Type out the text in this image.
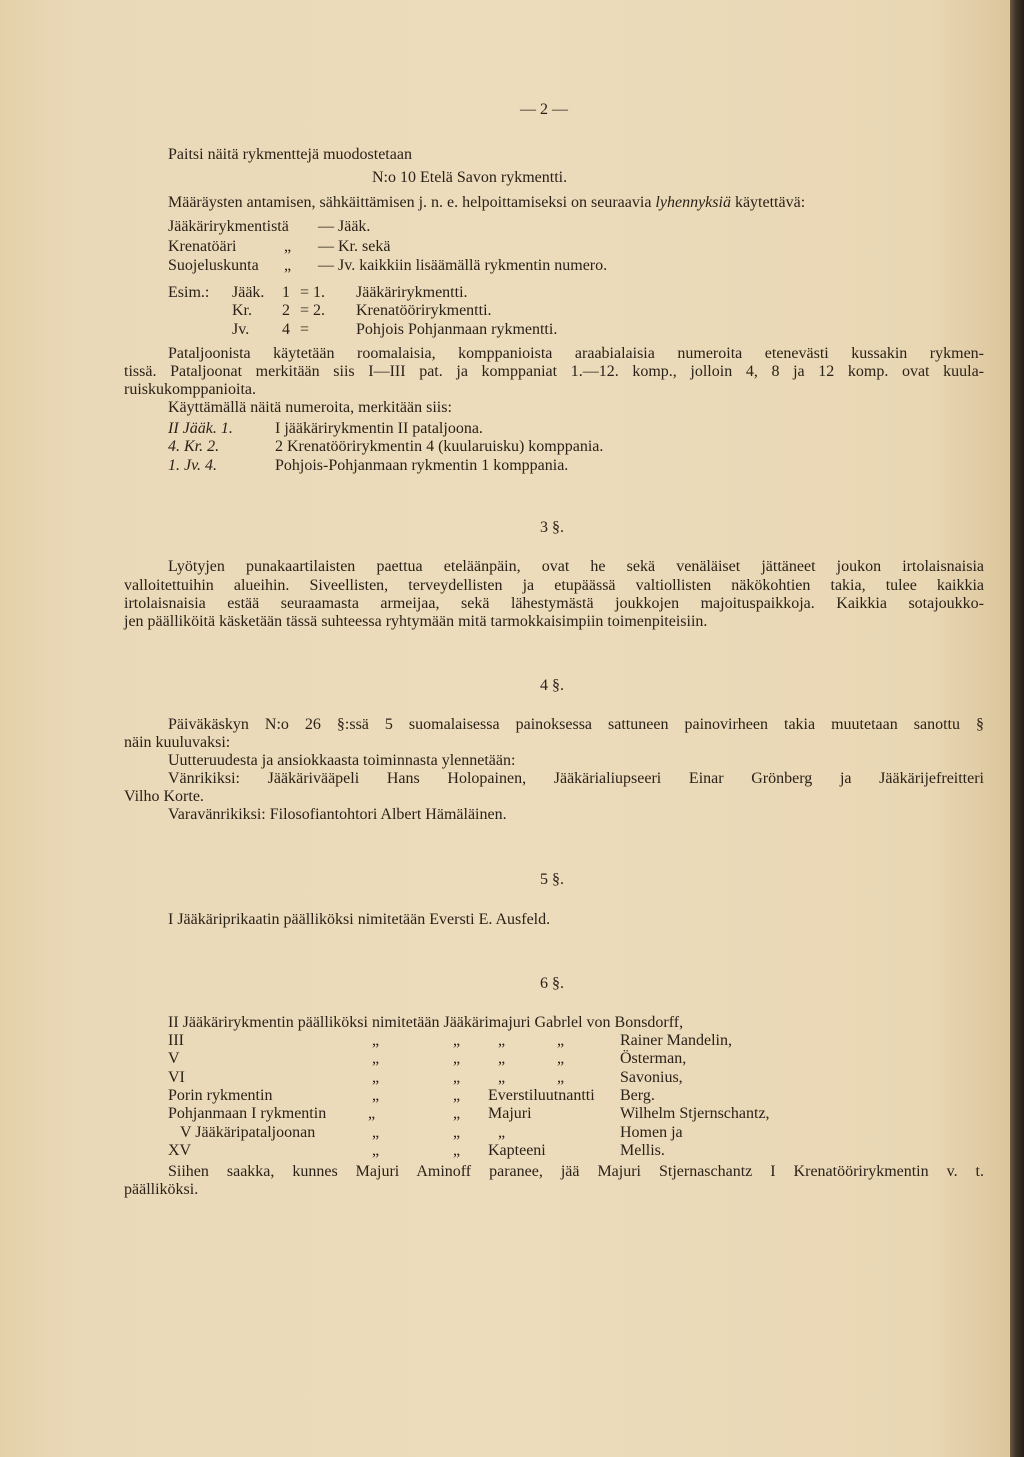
— 2 —
Paitsi näitä rykmenttejä muodostetaan
N:o 10 Etelä Savon rykmentti.
Määräysten antamisen, sähkäittämisen j. n. e. helpoittamiseksi on seuraavia lyhennyksiä käytettävä:
Jääkärirykmentistä — Jääk.
Krenatöäri	„ — Kr. sekä
Suojeluskunta „ — Jv. kaikkiin lisäämällä rykmentin numero.
Esim.: Jääk. 1 = 1. Jääkärirykmentti.
Kr. 2 = 2. Krenatöörirykmentti.
Jv. 4 =	Pohjois Pohjanmaan rykmentti.
Pataljoonista käytetään roomalaisia, komppanioista araabialaisia numeroita etenevästi kussakin rykmen-
tissä. Pataljoonat merkitään siis I—III pat. ja komppaniat 1.—12. komp., jolloin 4, 8 ja 12 komp. ovat kuula-
ruiskukomppanioita.
Käyttämällä näitä numeroita, merkitään siis:
II Jääk. 1.	I jääkärirykmentin II pataljoona.
4. Kr. 2.	2 Krenatöörirykmentin 4 (kuularuisku) komppania.
1. Jv. 4.	Pohjois-Pohjanmaan rykmentin 1 komppania.
3 §.
Lyötyjen punakaartilaisten paettua eteläänpäin, ovat he sekä venäläiset jättäneet joukon irtolaisnaisia
valloitettuihin alueihin. Siveellisten, terveydellisten ja etupäässä valtiollisten näkökohtien takia, tulee kaikkia
irtolaisnaisia estää seuraamasta armeijaa, sekä lähestymästä joukkojen majoituspaikkoja. Kaikkia sotajoukko-
jen päälliköitä käsketään tässä suhteessa ryhtymään mitä tarmokkaisimpiin toimenpiteisiin.
4 §.
Päiväkäskyn N:o 26 §:ssä 5 suomalaisessa painoksessa sattuneen painovirheen takia muutetaan sanottu §
näin kuuluvaksi:
Uutteruudesta ja ansiokkaasta toiminnasta ylennetään:
Vänrikiksi: Jääkärivääpeli Hans Holopainen, Jääkärialiupseeri Einar Grönberg ja Jääkärijefreitteri
Vilho Korte.
Varavänrikiksi: Filosofiantohtori Albert Hämäläinen.
5 §.
I Jääkäriprikaatin päälliköksi nimitetään Eversti E. Ausfeld.
6 §.
II Jääkärirykmentin päälliköksi nimitetään Jääkärimajuri Gabrlel von Bonsdorff,
III	„	„ „	„	Rainer Mandelin,
V	„	„ „	„	Österman,
VI	„	„ „	„	Savonius,
Porin rykmentin	„	„ Everstiluutnantti Berg.
Pohjanmaan I rykmentin	„	„ Majuri	Wilhelm Stjernschantz,
V Jääkäripataljoonan	„	„ „	Homen ja
XV	„	„ Kapteeni	Mellis.
Siihen saakka, kunnes Majuri Aminoff paranee, jää Majuri Stjernaschantz I Krenatöörirykmentin v. t.
päälliköksi.
